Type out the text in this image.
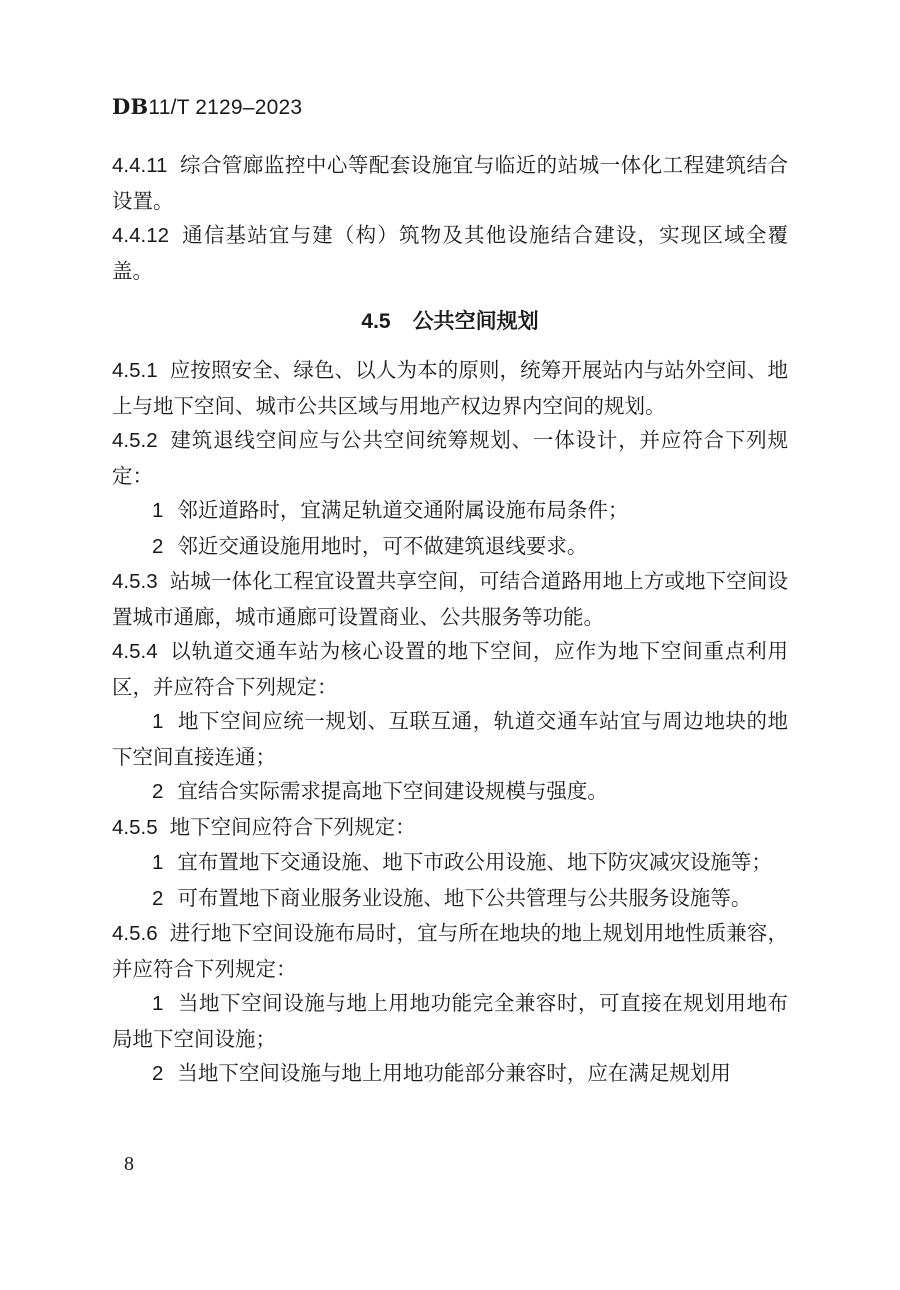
DB11/T 2129–2023

4.4.11 综合管廊监控中心等配套设施宜与临近的站城一体化工程建筑结合设置。

4.4.12 通信基站宜与建（构）筑物及其他设施结合建设，实现区域全覆盖。

4.5 公共空间规划

4.5.1 应按照安全、绿色、以人为本的原则，统筹开展站内与站外空间、地上与地下空间、城市公共区域与用地产权边界内空间的规划。

4.5.2 建筑退线空间应与公共空间统筹规划、一体设计，并应符合下列规定：

1 邻近道路时，宜满足轨道交通附属设施布局条件；

2 邻近交通设施用地时，可不做建筑退线要求。

4.5.3 站城一体化工程宜设置共享空间，可结合道路用地上方或地下空间设置城市通廊，城市通廊可设置商业、公共服务等功能。

4.5.4 以轨道交通车站为核心设置的地下空间，应作为地下空间重点利用区，并应符合下列规定：

1 地下空间应统一规划、互联互通，轨道交通车站宜与周边地块的地下空间直接连通；

2 宜结合实际需求提高地下空间建设规模与强度。

4.5.5 地下空间应符合下列规定：

1 宜布置地下交通设施、地下市政公用设施、地下防灾减灾设施等；

2 可布置地下商业服务业设施、地下公共管理与公共服务设施等。

4.5.6 进行地下空间设施布局时，宜与所在地块的地上规划用地性质兼容，并应符合下列规定：

1 当地下空间设施与地上用地功能完全兼容时，可直接在规划用地布局地下空间设施；

2 当地下空间设施与地上用地功能部分兼容时，应在满足规划用

8
